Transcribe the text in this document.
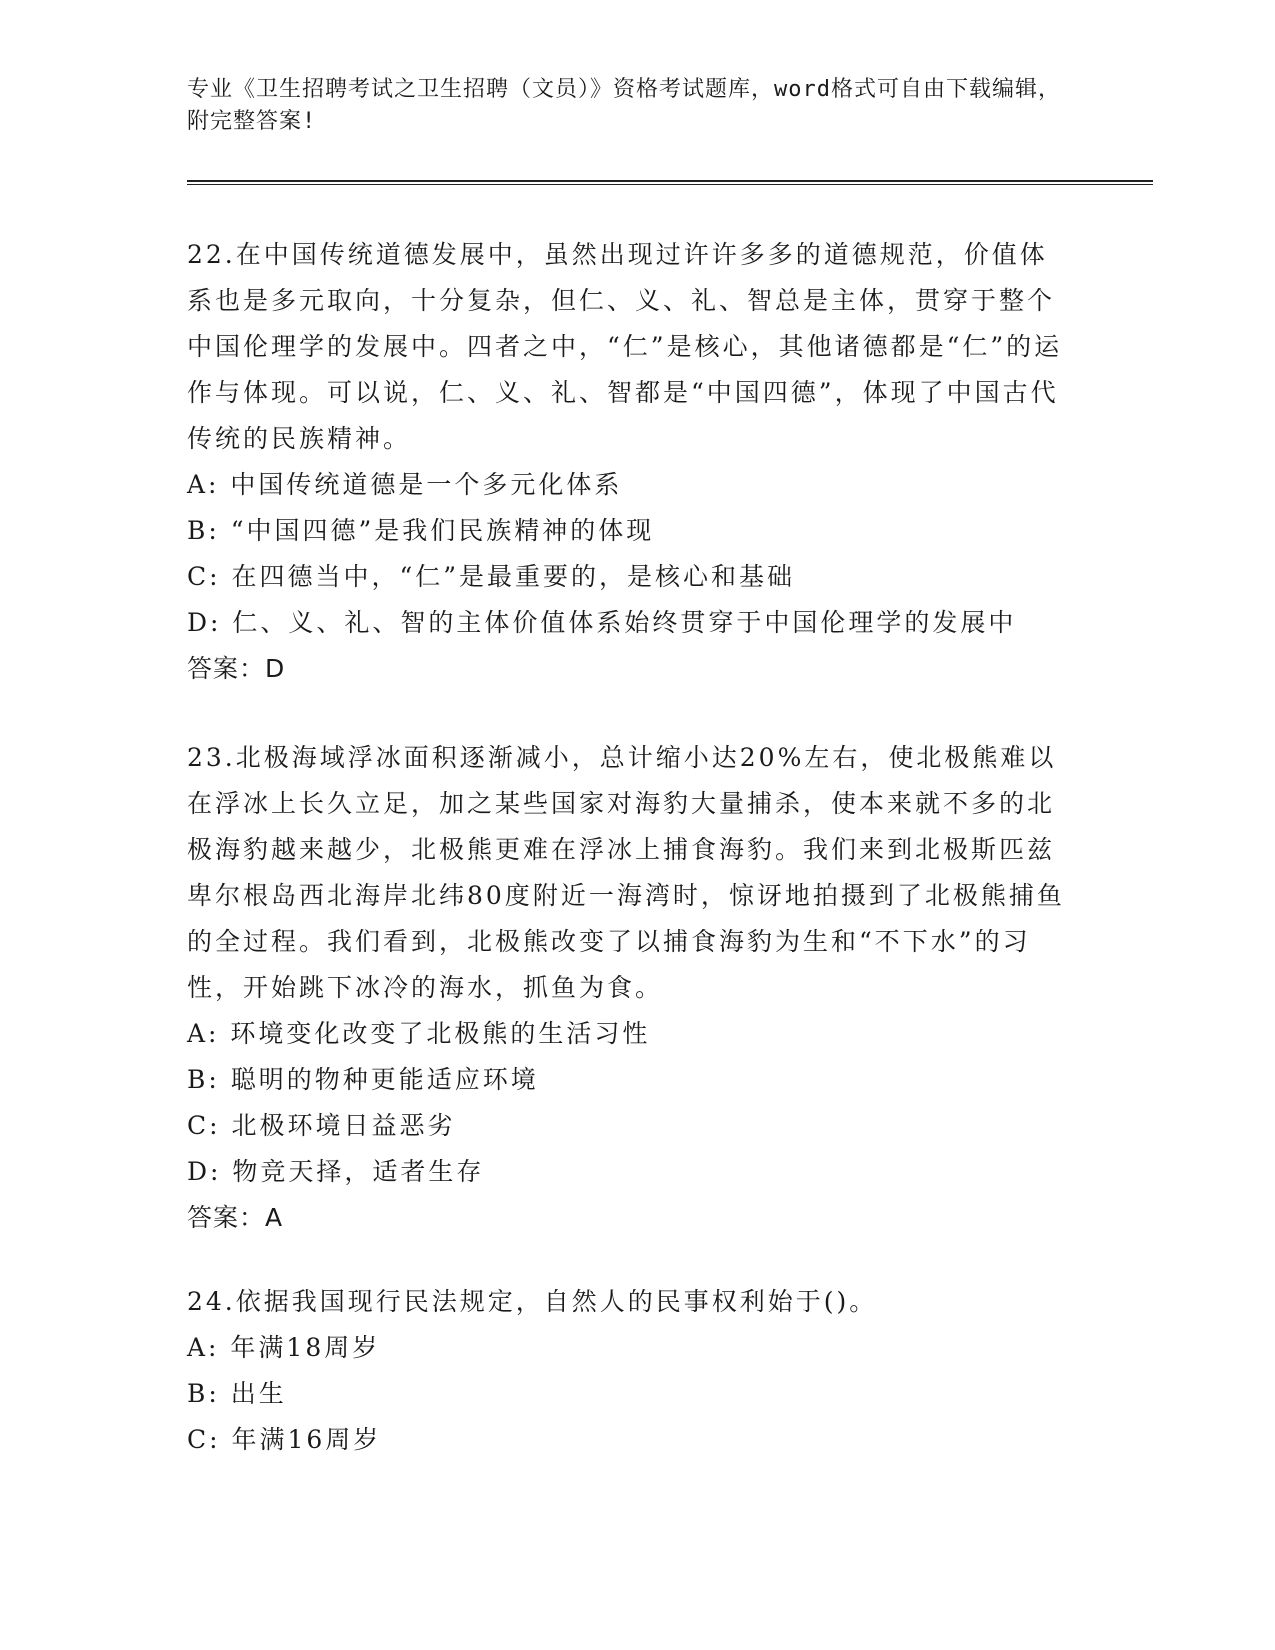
专业《卫生招聘考试之卫生招聘（文员）》资格考试题库，word格式可自由下载编辑，附完整答案!
22.在中国传统道德发展中，虽然出现过许许多多的道德规范，价值体系也是多元取向，十分复杂，但仁、义、礼、智总是主体，贯穿于整个中国伦理学的发展中。四者之中，“仁”是核心，其他诸德都是“仁”的运作与体现。可以说，仁、义、礼、智都是“中国四德”，体现了中国古代传统的民族精神。
A: 中国传统道德是一个多元化体系
B: “中国四德”是我们民族精神的体现
C: 在四德当中，“仁”是最重要的，是核心和基础
D: 仁、义、礼、智的主体价值体系始终贯穿于中国伦理学的发展中
答案：D
23.北极海域浮冰面积逐渐减小，总计缩小达20%左右，使北极熊难以在浮冰上长久立足，加之某些国家对海豹大量捕杀，使本来就不多的北极海豹越来越少，北极熊更难在浮冰上捕食海豹。我们来到北极斯匹兹卑尔根岛西北海岸北纬80度附近一海湾时，惊讶地拍摄到了北极熊捕鱼的全过程。我们看到，北极熊改变了以捕食海豹为生和“不下水”的习性，开始跳下冰冷的海水，抓鱼为食。
A: 环境变化改变了北极熊的生活习性
B: 聪明的物种更能适应环境
C: 北极环境日益恶劣
D: 物竞天择，适者生存
答案：A
24.依据我国现行民法规定，自然人的民事权利始于()。
A: 年满18周岁
B: 出生
C: 年满16周岁
